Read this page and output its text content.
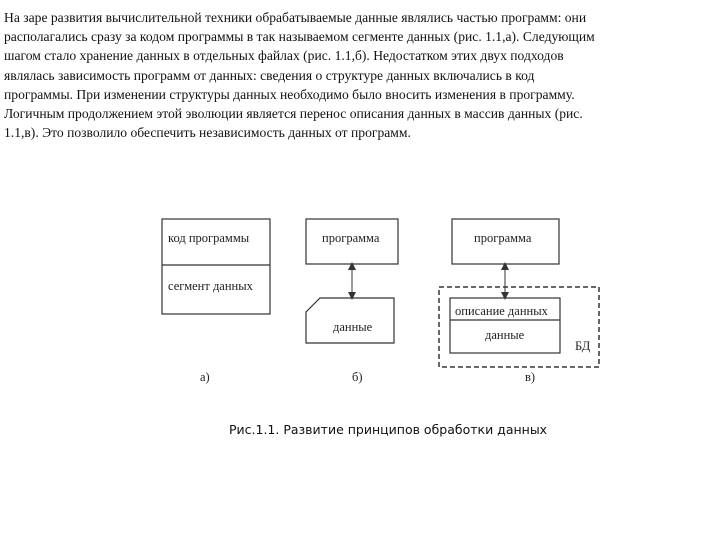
На заре развития вычислительной техники обрабатываемые данные являлись частью программ: они
располагались сразу за кодом программы в так называемом сегменте данных (рис. 1.1,а). Следующим
шагом стало хранение данных в отдельных файлах (рис. 1.1,б). Недостатком этих двух подходов
являлась зависимость программ от данных: сведения о структуре данных включались в код
программы. При изменении структуры данных необходимо было вносить изменения в программу.
Логичным продолжением этой эволюции является перенос описания данных в массив данных (рис.
1.1,в). Это позволило обеспечить независимость данных от программ.
код программы
сегмент данных
а)
программа
данные
б)
программа
описание данных
данные
БД
в)
Рис.1.1. Развитие принципов обработки данных
